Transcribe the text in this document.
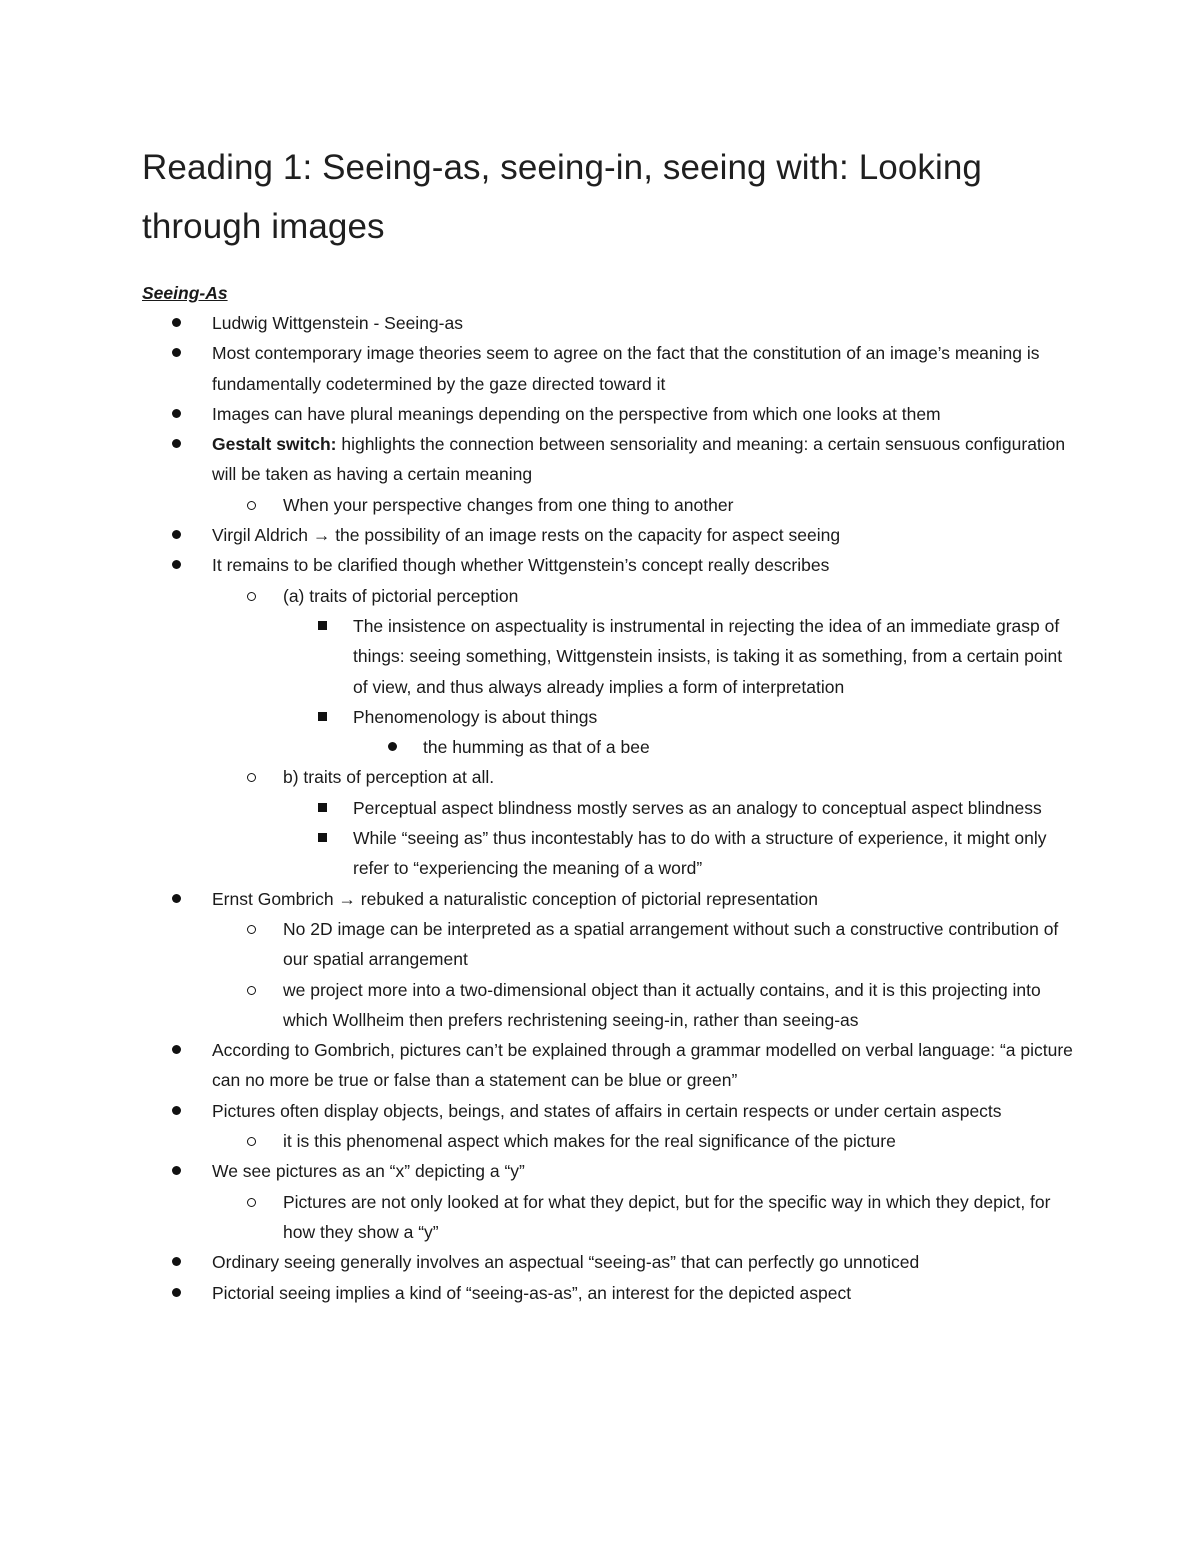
Reading 1: Seeing-as, seeing-in, seeing with: Looking through images
Seeing-As
Ludwig Wittgenstein - Seeing-as
Most contemporary image theories seem to agree on the fact that the constitution of an image’s meaning is fundamentally codetermined by the gaze directed toward it
Images can have plural meanings depending on the perspective from which one looks at them
Gestalt switch: highlights the connection between sensoriality and meaning: a certain sensuous configuration will be taken as having a certain meaning
When your perspective changes from one thing to another
Virgil Aldrich → the possibility of an image rests on the capacity for aspect seeing
It remains to be clarified though whether Wittgenstein’s concept really describes
(a) traits of pictorial perception
The insistence on aspectuality is instrumental in rejecting the idea of an immediate grasp of things: seeing something, Wittgenstein insists, is taking it as something, from a certain point of view, and thus always already implies a form of interpretation
Phenomenology is about things
the humming as that of a bee
b) traits of perception at all.
Perceptual aspect blindness mostly serves as an analogy to conceptual aspect blindness
While “seeing as” thus incontestably has to do with a structure of experience, it might only refer to “experiencing the meaning of a word”
Ernst Gombrich → rebuked a naturalistic conception of pictorial representation
No 2D image can be interpreted as a spatial arrangement without such a constructive contribution of our spatial arrangement
we project more into a two-dimensional object than it actually contains, and it is this projecting into which Wollheim then prefers rechristening seeing-in, rather than seeing-as
According to Gombrich, pictures can’t be explained through a grammar modelled on verbal language: “a picture can no more be true or false than a statement can be blue or green”
Pictures often display objects, beings, and states of affairs in certain respects or under certain aspects
it is this phenomenal aspect which makes for the real significance of the picture
We see pictures as an “x” depicting a “y”
Pictures are not only looked at for what they depict, but for the specific way in which they depict, for how they show a “y”
Ordinary seeing generally involves an aspectual “seeing-as” that can perfectly go unnoticed
Pictorial seeing implies a kind of “seeing-as-as”, an interest for the depicted aspect
